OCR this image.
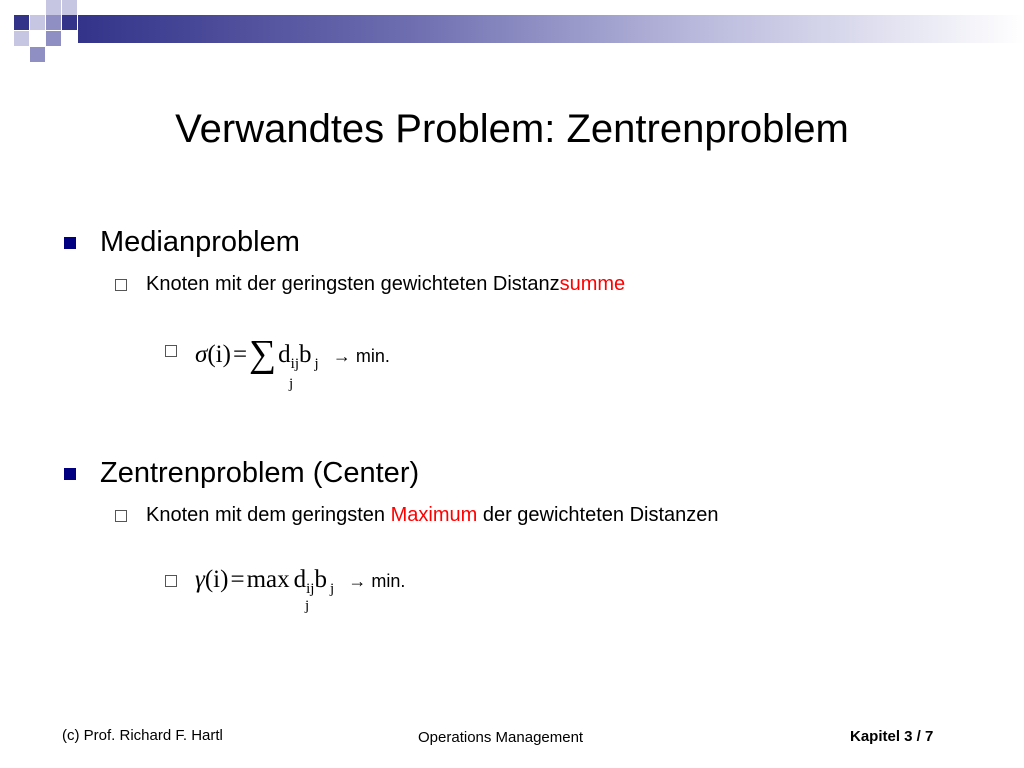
Verwandtes Problem: Zentrenproblem
Medianproblem
Knoten mit der geringsten gewichteten Distanzsumme
$\sigma(i)=\sum d_{ij}b$ $_j$ → min.
j
Zentrenproblem (Center)
Knoten mit dem geringsten Maximum der gewichteten Distanzen
γ(i)=max $d_{ij}b$ $_j$ → min.
j
(c) Prof. Richard F. Hartl	Operations Management	Kapitel 3 / 7
